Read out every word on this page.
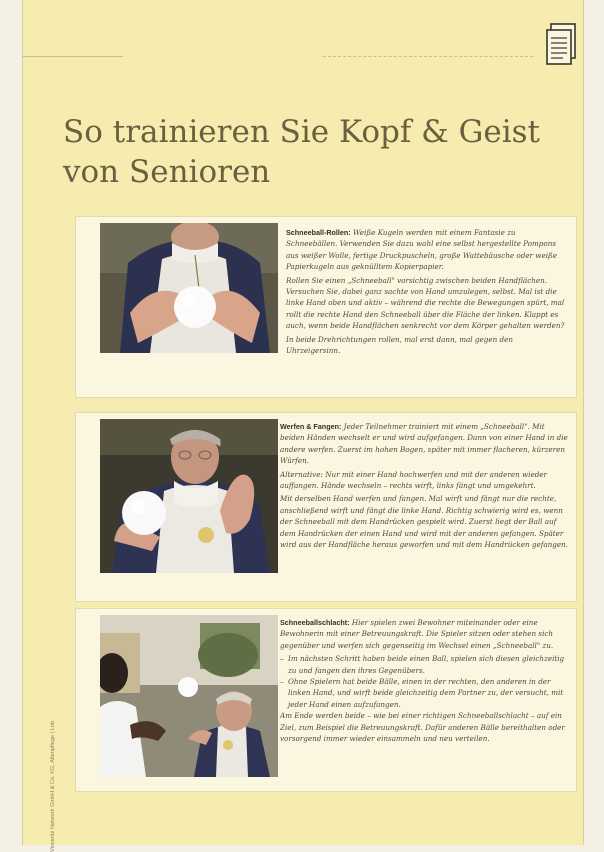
So trainieren Sie Kopf & Geist von Senioren
Vincentz Network GmbH & Co. KG, Altenpflege | Lob

Schneeball-Rollen: Weiße Kugeln werden mit einem Fantasie zu Schneebällen. Verwenden Sie dazu wahl eine selbst hergestellte Pompons aus weißer Wolle, fertige Druckpuscheln, große Wattebäusche oder weiße Papierkugeln aus geknülltem Kopierpapier.

Rollen Sie einen „Schneeball" vorsichtig zwischen beiden Handflächen. Versuchen Sie, dabei ganz sachte von Hand umzulegen, selbst. Mal ist die linke Hand oben und aktiv – während die rechte die Bewegungen spürt, mal rollt die rechte Hand den Schneeball über die Fläche der linken. Klappt es auch, wenn beide Handflächen senkrecht vor dem Körper gehalten werden?

In beide Drehrichtungen rollen, mal erst dann, mal gegen den Uhrzeigersinn.

Werfen & Fangen: Jeder Teilnehmer trainiert mit einem „Schneeball". Mit beiden Händen wechselt er und wird aufgefangen. Dann von einer Hand in die andere werfen. Zuerst im hohen Bogen, später mit immer flacheren, kürzeren Würfen.

Alternative: Nur mit einer Hand hochwerfen und mit der anderen wieder auffangen. Hände wechseln – rechts wirft, links fängt und umgekehrt.

Mit derselben Hand werfen und fangen. Mal wirft und fängt nur die rechte, anschließend wirft und fängt die linke Hand. Richtig schwierig wird es, wenn der Schneeball mit dem Handrücken gespielt wird. Zuerst liegt der Ball auf dem Handrücken der einen Hand und wird mit der anderen gefangen. Später wird aus der Handfläche heraus geworfen und mit dem Handrücken gefangen.

Schneeballschlacht: Hier spielen zwei Bewohner miteinander oder eine Bewohnerin mit einer Betreuungskraft. Die Spieler sitzen oder stehen sich gegenüber und werfen sich gegenseitig im Wechsel einen „Schneeball" zu.

– Im nächsten Schritt haben beide einen Ball, spielen sich diesen gleichzeitig zu und fangen den ihres Gegenübers.
– Ohne Spielern hat beide Bälle, einen in der rechten, den anderen in der linken Hand, und wirft beide gleichzeitig dem Partner zu, der versucht, mit jeder Hand einen aufzufangen.

Am Ende werden beide – wie bei einer richtigen Schneeballschlacht – auf ein Ziel, zum Beispiel die Betreuungskraft. Dafür anderen Bälle bereithalten oder vorsorgend immer wieder einsammeln und neu verteilen.
